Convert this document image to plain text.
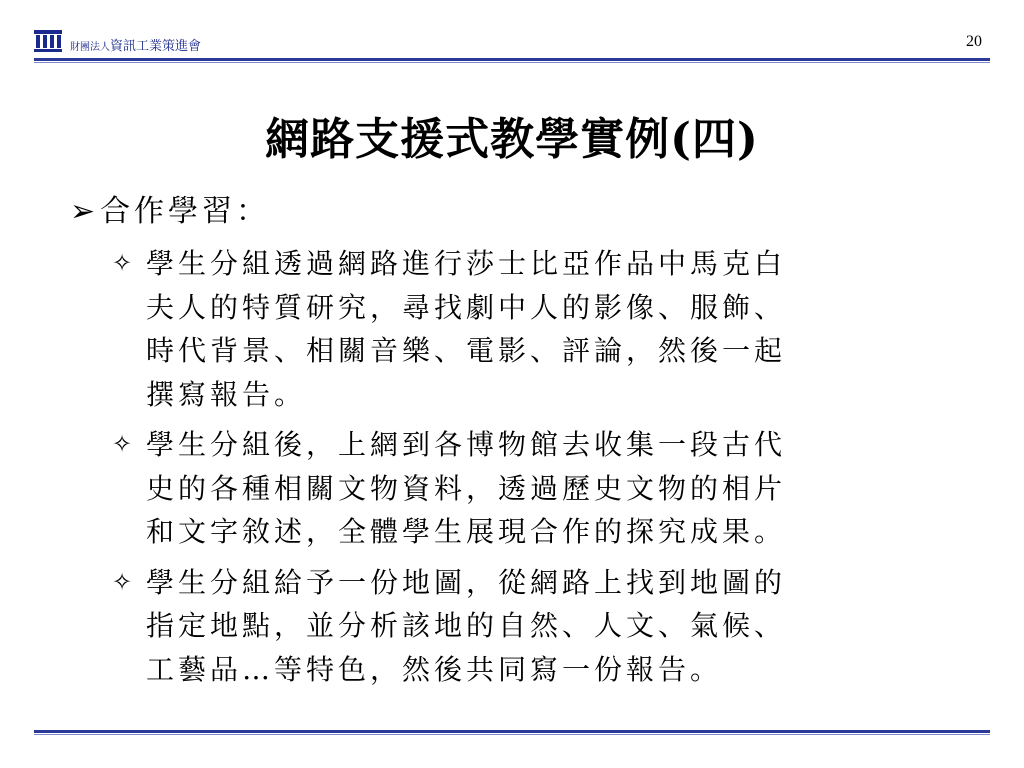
財團法人資訊工業策進會	20
網路支援式教學實例(四)
➢ 合作學習：
✧ 學生分組透過網路進行莎士比亞作品中馬克白
夫人的特質研究，尋找劇中人的影像、服飾、
時代背景、相關音樂、電影、評論，然後一起
撰寫報告。
✧ 學生分組後，上網到各博物館去收集一段古代
史的各種相關文物資料，透過歷史文物的相片
和文字敘述，全體學生展現合作的探究成果。
✧ 學生分組給予一份地圖，從網路上找到地圖的
指定地點，並分析該地的自然、人文、氣候、
工藝品…等特色，然後共同寫一份報告。
